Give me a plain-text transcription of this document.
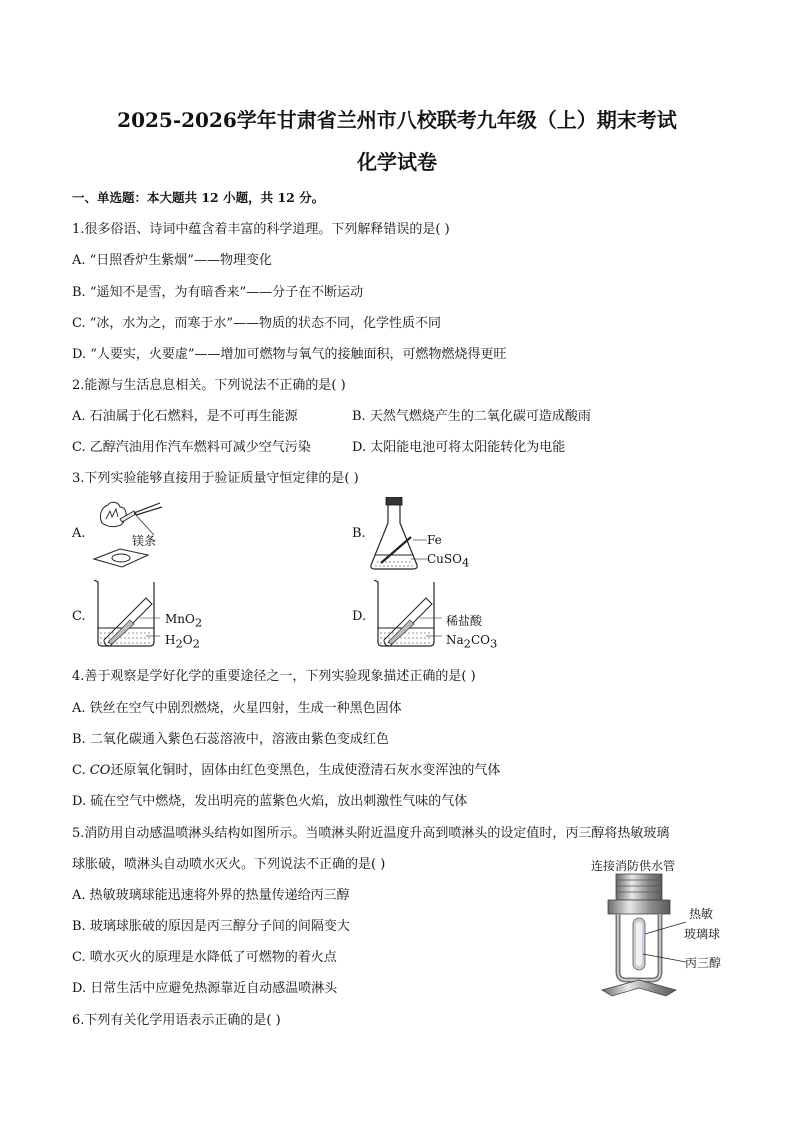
2025-2026学年甘肃省兰州市八校联考九年级（上）期末考试
化学试卷
一、单选题：本大题共 12 小题，共 12 分。
1.很多俗语、诗词中蕴含着丰富的科学道理。下列解释错误的是( )
A. “日照香炉生紫烟”——物理变化
B. “遥知不是雪，为有暗香来”——分子在不断运动
C. “冰，水为之，而寒于水”——物质的状态不同，化学性质不同
D. “人要实，火要虚”——增加可燃物与氧气的接触面积，可燃物燃烧得更旺
2.能源与生活息息相关。下列说法不正确的是( )
A. 石油属于化石燃料，是不可再生能源	B. 天然气燃烧产生的二氧化碳可造成酸雨
C. 乙醇汽油用作汽车燃料可减少空气污染	D. 太阳能电池可将太阳能转化为电能
3.下列实验能够直接用于验证质量守恒定律的是( )
A.	B.
C.	D.
镁条	Fe
CuSO$_4$
MnO$_2$
$H_2O_2$
稀盐酸
$Na_2CO_3$
4.善于观察是学好化学的重要途径之一，下列实验现象描述正确的是( )
A. 铁丝在空气中剧烈燃烧，火星四射，生成一种黑色固体
B. 二氧化碳通入紫色石蕊溶液中，溶液由紫色变成红色
C. CO还原氧化铜时，固体由红色变黑色，生成使澄清石灰水变浑浊的气体
D. 硫在空气中燃烧，发出明亮的蓝紫色火焰，放出刺激性气味的气体
5.消防用自动感温喷淋头结构如图所示。当喷淋头附近温度升高到喷淋头的设定值时，丙三醇将热敏玻璃
球胀破，喷淋头自动喷水灭火。下列说法不正确的是( )
A. 热敏玻璃球能迅速将外界的热量传递给丙三醇
B. 玻璃球胀破的原因是丙三醇分子间的间隔变大
C. 喷水灭火的原理是水降低了可燃物的着火点
D. 日常生活中应避免热源靠近自动感温喷淋头
连接消防供水管
热敏
玻璃球
丙三醇
6.下列有关化学用语表示正确的是( )
